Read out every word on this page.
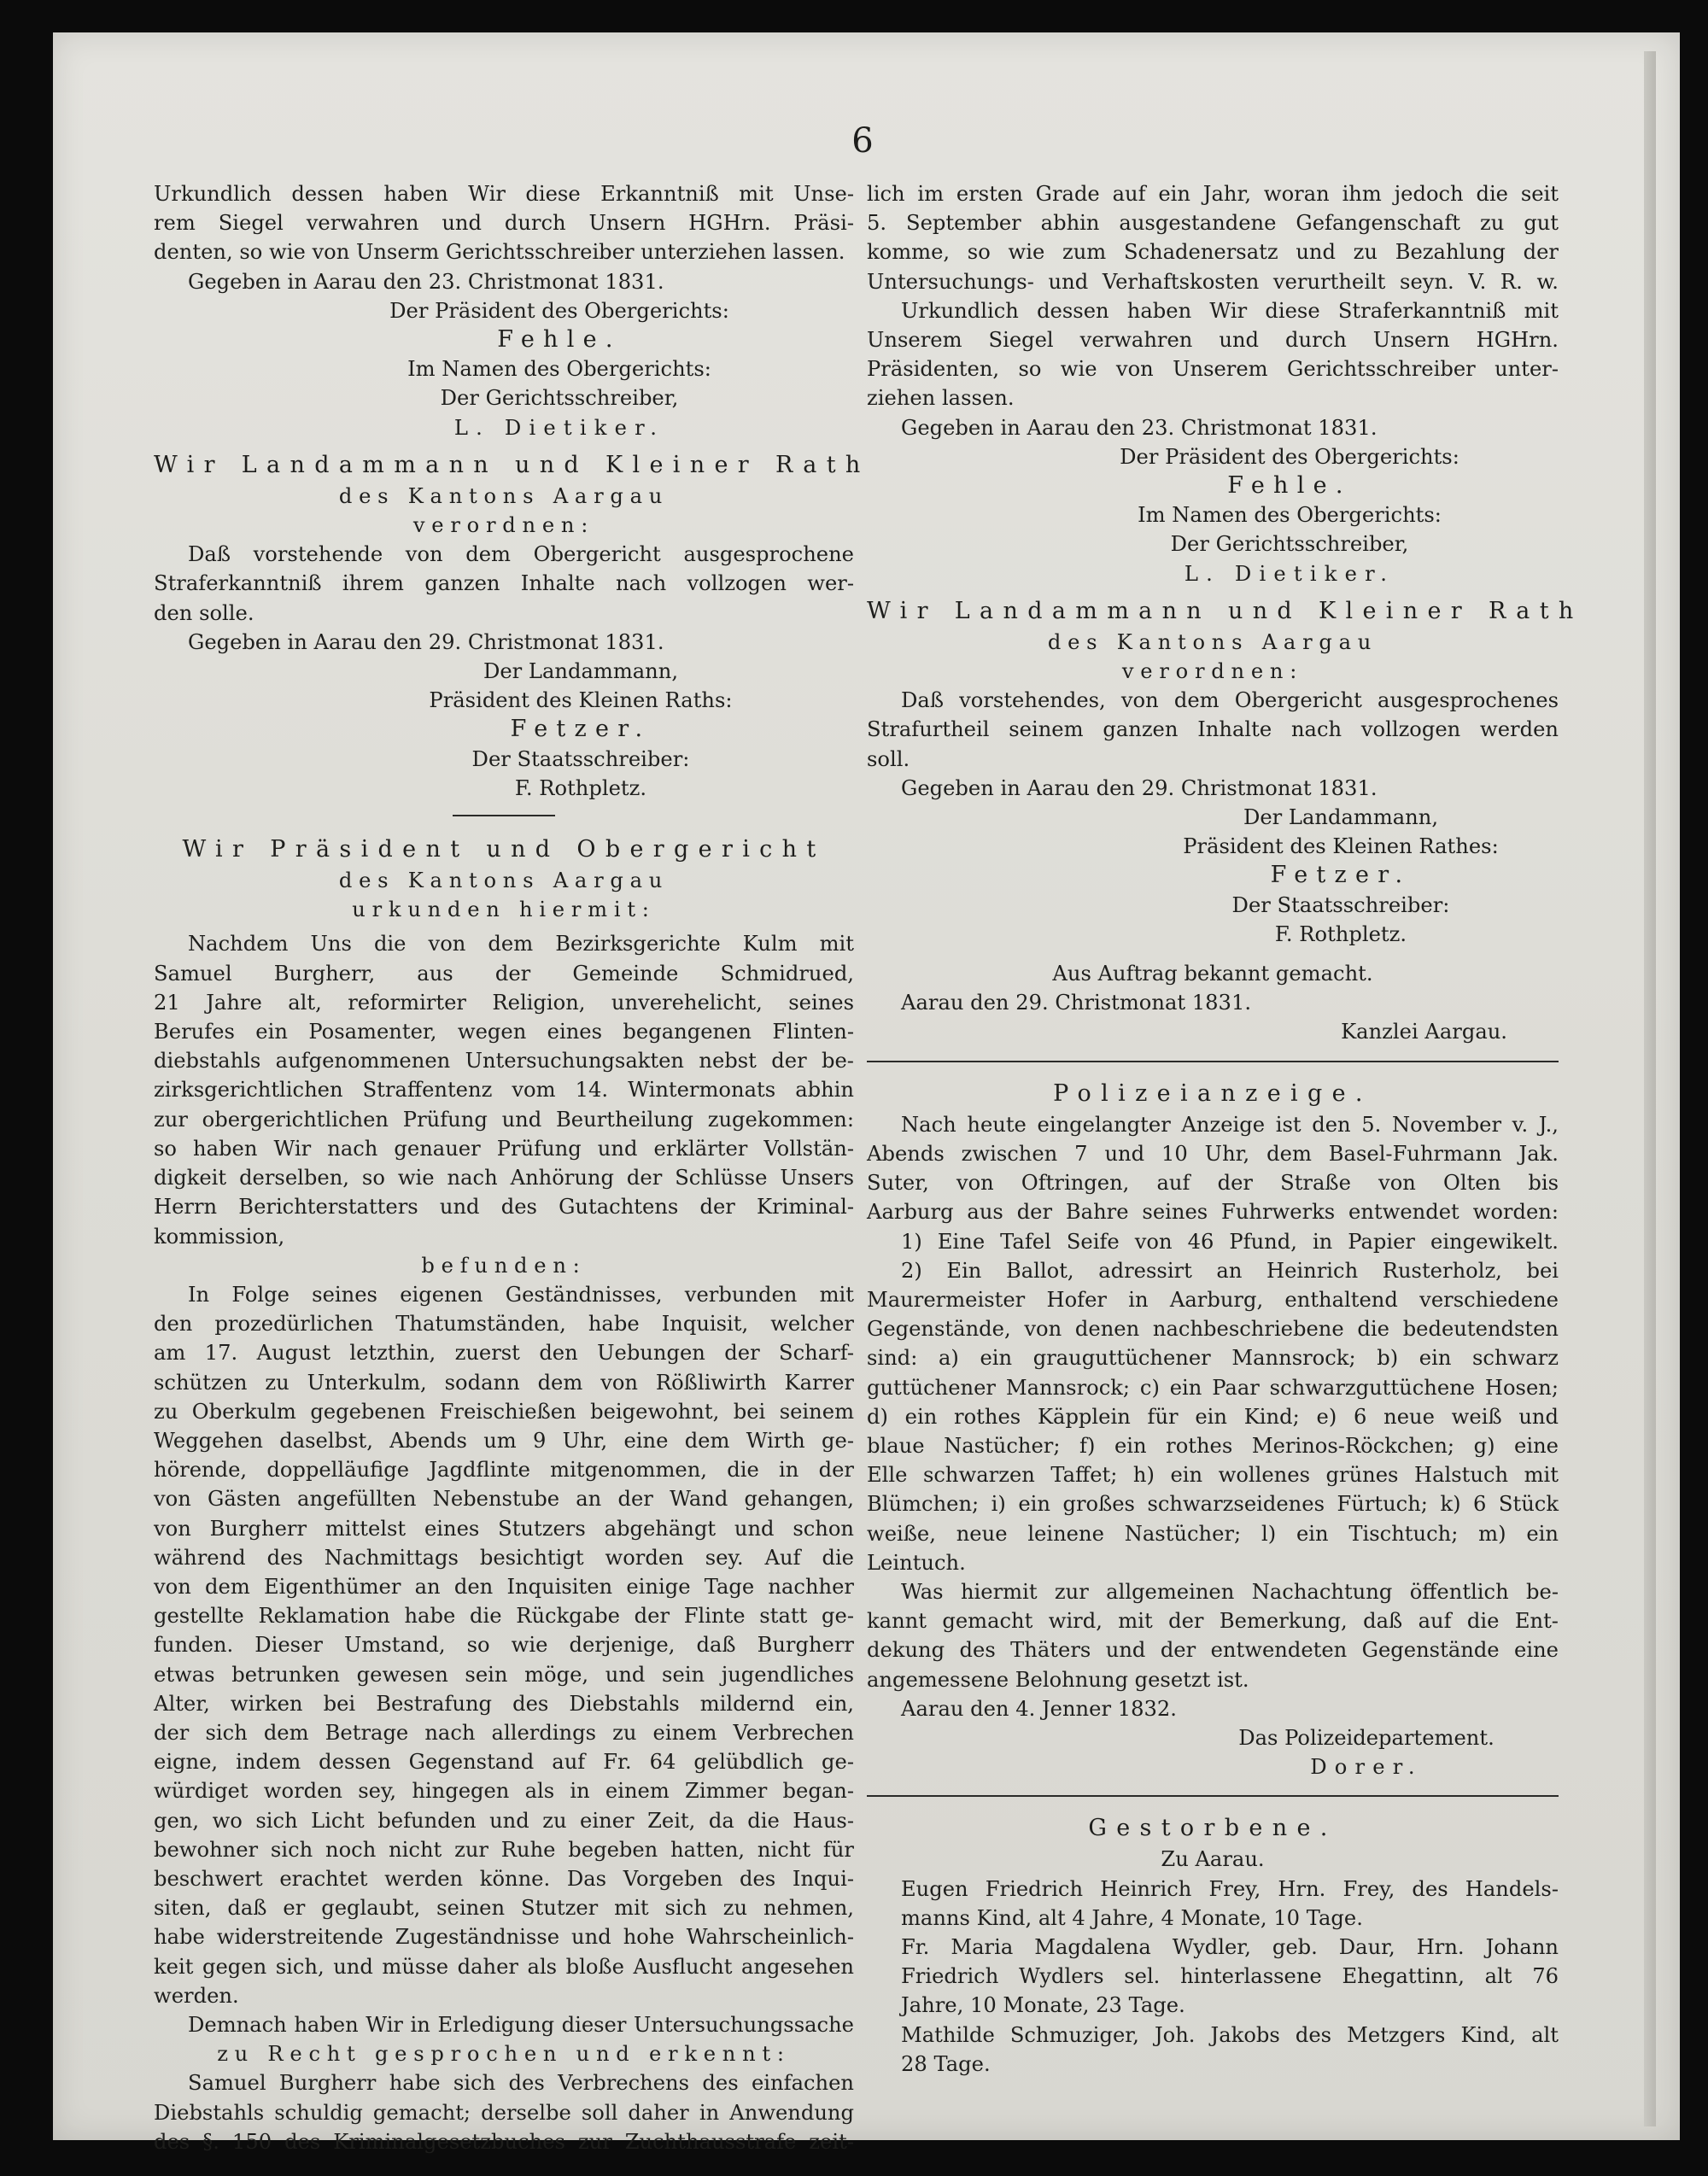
6
Urkundlich dessen haben Wir diese Erkanntniß mit Unse-
rem Siegel verwahren und durch Unsern HGHrn. Präsi-
denten, so wie von Unserm Gerichtsschreiber unterziehen lassen.
Gegeben in Aarau den 23. Christmonat 1831.
Der Präsident des Obergerichts:
Fehle.
Im Namen des Obergerichts:
Der Gerichtsschreiber,
L. Dietiker.
Wir Landammann und Kleiner Rath
des Kantons Aargau
verordnen:
Daß vorstehende von dem Obergericht ausgesprochene
Straferkanntniß ihrem ganzen Inhalte nach vollzogen wer-
den solle.
Gegeben in Aarau den 29. Christmonat 1831.
Der Landammann,
Präsident des Kleinen Raths:
Fetzer.
Der Staatsschreiber:
F. Rothpletz.
Wir Präsident und Obergericht
des Kantons Aargau
urkunden hiermit:
Nachdem Uns die von dem Bezirksgerichte Kulm mit
Samuel Burgherr, aus der Gemeinde Schmidrued,
21 Jahre alt, reformirter Religion, unverehelicht, seines
Berufes ein Posamenter, wegen eines begangenen Flinten-
diebstahls aufgenommenen Untersuchungsakten nebst der be-
zirksgerichtlichen Straffentenz vom 14. Wintermonats abhin
zur obergerichtlichen Prüfung und Beurtheilung zugekommen:
so haben Wir nach genauer Prüfung und erklärter Vollstän-
digkeit derselben, so wie nach Anhörung der Schlüsse Unsers
Herrn Berichterstatters und des Gutachtens der Kriminal-
kommission,
befunden:
In Folge seines eigenen Geständnisses, verbunden mit
den prozedürlichen Thatumständen, habe Inquisit, welcher
am 17. August letzthin, zuerst den Uebungen der Scharf-
schützen zu Unterkulm, sodann dem von Rößliwirth Karrer
zu Oberkulm gegebenen Freischießen beigewohnt, bei seinem
Weggehen daselbst, Abends um 9 Uhr, eine dem Wirth ge-
hörende, doppelläufige Jagdflinte mitgenommen, die in der
von Gästen angefüllten Nebenstube an der Wand gehangen,
von Burgherr mittelst eines Stutzers abgehängt und schon
während des Nachmittags besichtigt worden sey. Auf die
von dem Eigenthümer an den Inquisiten einige Tage nachher
gestellte Reklamation habe die Rückgabe der Flinte statt ge-
funden. Dieser Umstand, so wie derjenige, daß Burgherr
etwas betrunken gewesen sein möge, und sein jugendliches
Alter, wirken bei Bestrafung des Diebstahls mildernd ein,
der sich dem Betrage nach allerdings zu einem Verbrechen
eigne, indem dessen Gegenstand auf Fr. 64 gelübdlich ge-
würdiget worden sey, hingegen als in einem Zimmer began-
gen, wo sich Licht befunden und zu einer Zeit, da die Haus-
bewohner sich noch nicht zur Ruhe begeben hatten, nicht für
beschwert erachtet werden könne. Das Vorgeben des Inqui-
siten, daß er geglaubt, seinen Stutzer mit sich zu nehmen,
habe widerstreitende Zugeständnisse und hohe Wahrscheinlich-
keit gegen sich, und müsse daher als bloße Ausflucht angesehen
werden.
Demnach haben Wir in Erledigung dieser Untersuchungssache
zu Recht gesprochen und erkennt:
Samuel Burgherr habe sich des Verbrechens des einfachen
Diebstahls schuldig gemacht; derselbe soll daher in Anwendung
des §. 150 des Kriminalgesetzbuches zur Zuchthausstrafe zeit-
lich im ersten Grade auf ein Jahr, woran ihm jedoch die seit
5. September abhin ausgestandene Gefangenschaft zu gut
komme, so wie zum Schadenersatz und zu Bezahlung der
Untersuchungs- und Verhaftskosten verurtheilt seyn. V. R. w.
Urkundlich dessen haben Wir diese Straferkanntniß mit
Unserem Siegel verwahren und durch Unsern HGHrn.
Präsidenten, so wie von Unserem Gerichtsschreiber unter-
ziehen lassen.
Gegeben in Aarau den 23. Christmonat 1831.
Der Präsident des Obergerichts:
Fehle.
Im Namen des Obergerichts:
Der Gerichtsschreiber,
L. Dietiker.
Wir Landammann und Kleiner Rath
des Kantons Aargau
verordnen:
Daß vorstehendes, von dem Obergericht ausgesprochenes
Strafurtheil seinem ganzen Inhalte nach vollzogen werden
soll.
Gegeben in Aarau den 29. Christmonat 1831.
Der Landammann,
Präsident des Kleinen Rathes:
Fetzer.
Der Staatsschreiber:
F. Rothpletz.
Aus Auftrag bekannt gemacht.
Aarau den 29. Christmonat 1831.
Kanzlei Aargau.
Polizeianzeige.
Nach heute eingelangter Anzeige ist den 5. November v. J.,
Abends zwischen 7 und 10 Uhr, dem Basel-Fuhrmann Jak.
Suter, von Oftringen, auf der Straße von Olten bis
Aarburg aus der Bahre seines Fuhrwerks entwendet worden:
1) Eine Tafel Seife von 46 Pfund, in Papier eingewikelt.
2) Ein Ballot, adressirt an Heinrich Rusterholz, bei
Maurermeister Hofer in Aarburg, enthaltend verschiedene
Gegenstände, von denen nachbeschriebene die bedeutendsten
sind: a) ein grauguttüchener Mannsrock; b) ein schwarz
guttüchener Mannsrock; c) ein Paar schwarzguttüchene Hosen;
d) ein rothes Käpplein für ein Kind; e) 6 neue weiß und
blaue Nastücher; f) ein rothes Merinos-Röckchen; g) eine
Elle schwarzen Taffet; h) ein wollenes grünes Halstuch mit
Blümchen; i) ein großes schwarzseidenes Fürtuch; k) 6 Stück
weiße, neue leinene Nastücher; l) ein Tischtuch; m) ein
Leintuch.
Was hiermit zur allgemeinen Nachachtung öffentlich be-
kannt gemacht wird, mit der Bemerkung, daß auf die Ent-
dekung des Thäters und der entwendeten Gegenstände eine
angemessene Belohnung gesetzt ist.
Aarau den 4. Jenner 1832.
Das Polizeidepartement.
Dorer.
Gestorbene.
Zu Aarau.
Eugen Friedrich Heinrich Frey, Hrn. Frey, des Handels-
manns Kind, alt 4 Jahre, 4 Monate, 10 Tage.
Fr. Maria Magdalena Wydler, geb. Daur, Hrn. Johann
Friedrich Wydlers sel. hinterlassene Ehegattinn, alt 76
Jahre, 10 Monate, 23 Tage.
Mathilde Schmuziger, Joh. Jakobs des Metzgers Kind, alt
28 Tage.
